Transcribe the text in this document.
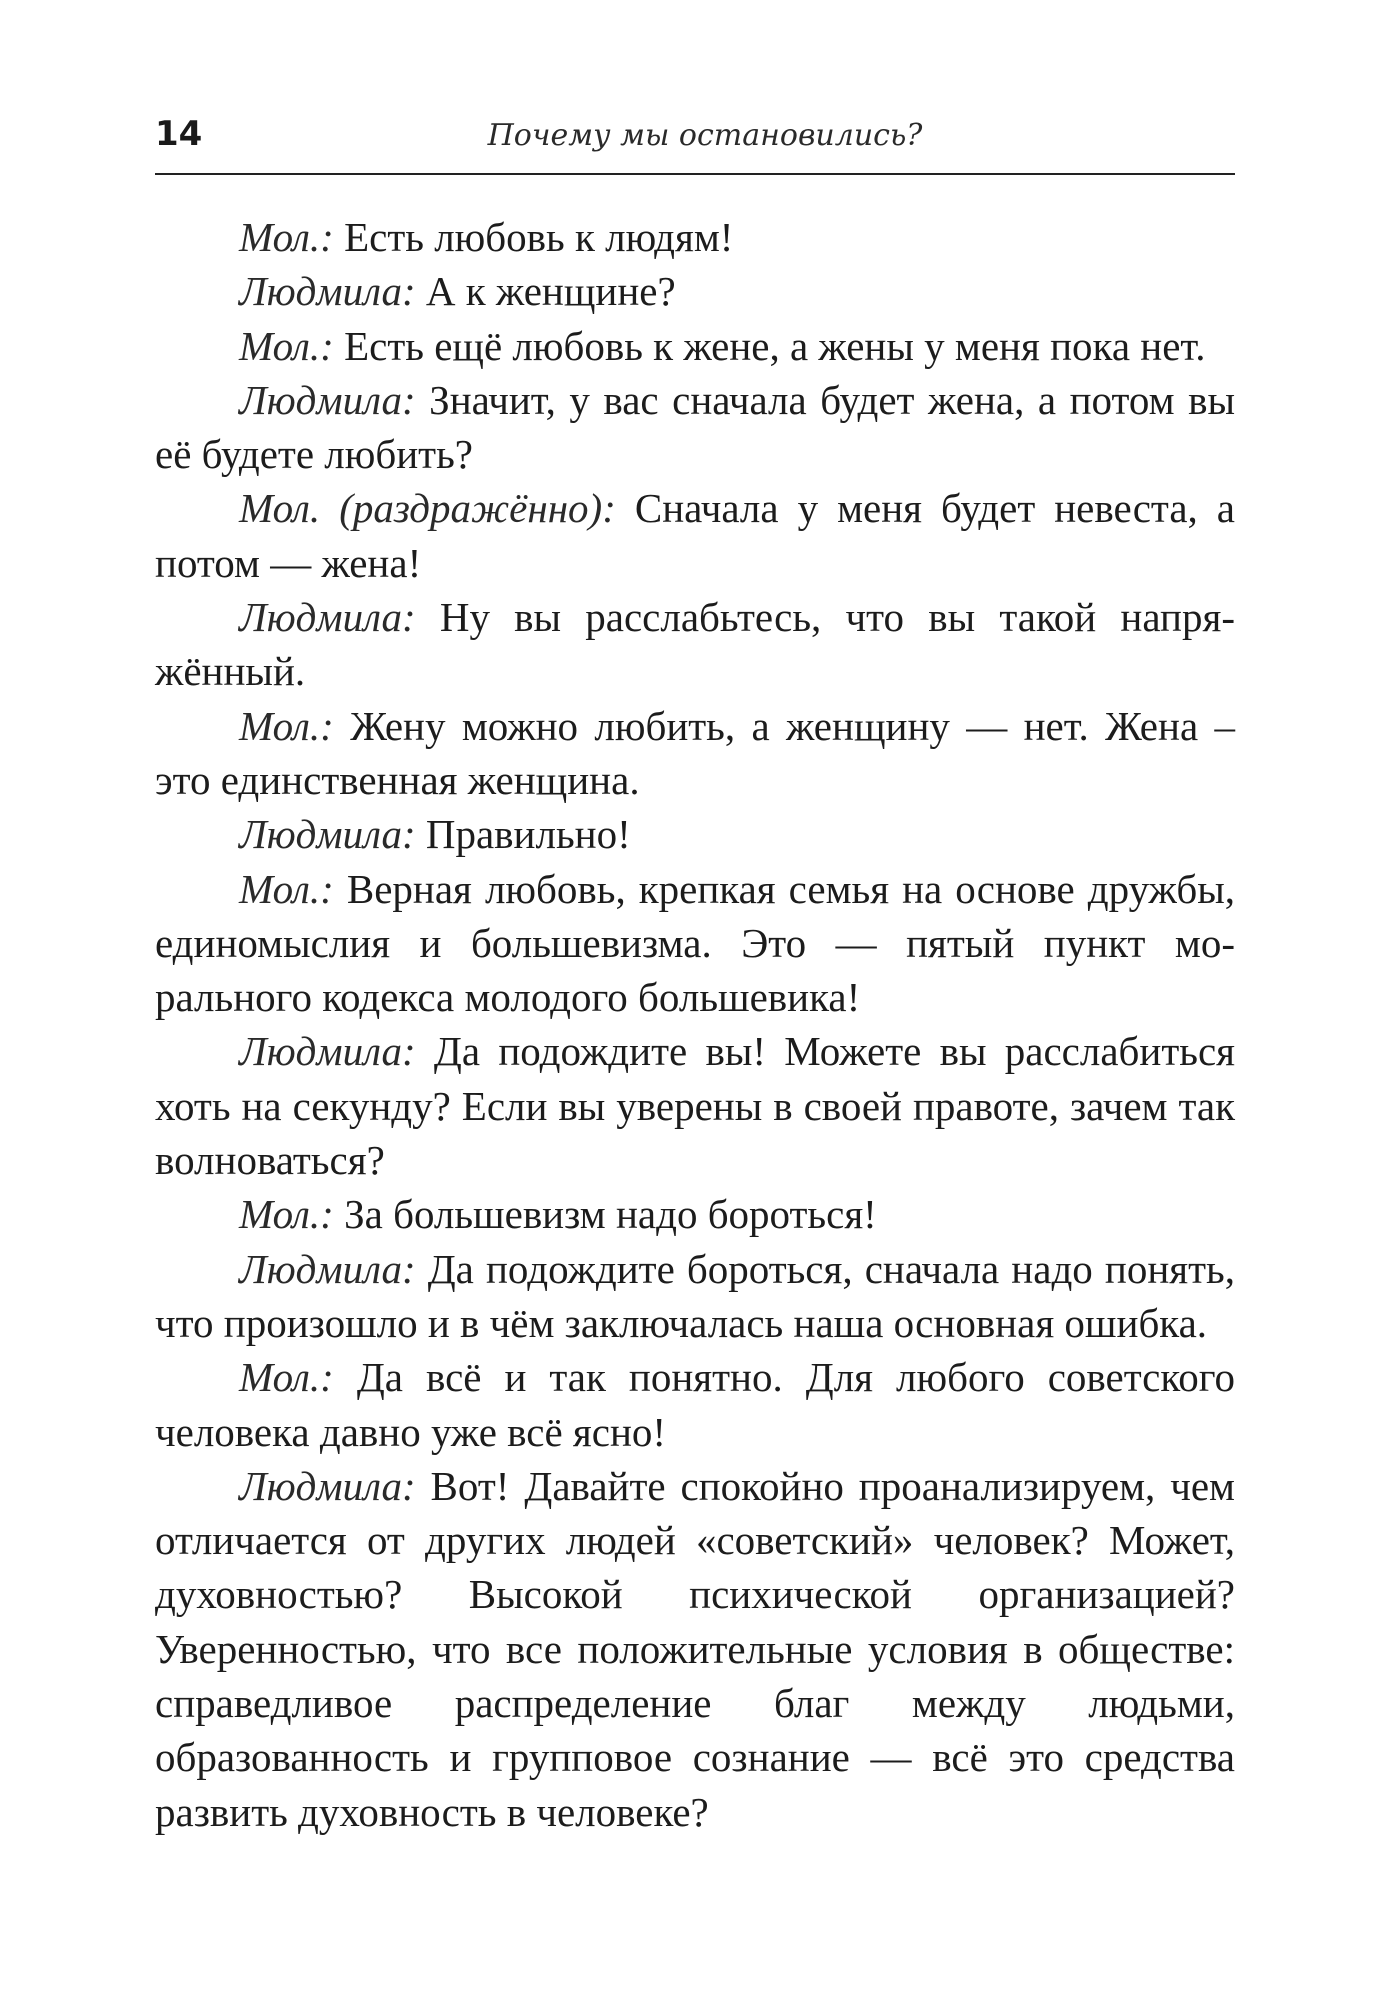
14	Почему мы остановились?

Мол.: Есть любовь к людям!

Людмила: А к женщине?

Мол.: Есть ещё любовь к жене, а жены у меня пока нет.

Людмила: Значит, у вас сначала будет жена, а потом вы её будете любить?

Мол. (раздражённо): Сначала у меня будет невеста, а потом — жена!

Людмила: Ну вы расслабьтесь, что вы такой напряжённый.

Мол.: Жену можно любить, а женщину — нет. Жена – это единственная женщина.

Людмила: Правильно!

Мол.: Верная любовь, крепкая семья на основе дружбы, единомыслия и большевизма. Это — пятый пункт морального кодекса молодого большевика!

Людмила: Да подождите вы! Можете вы расслабиться хоть на секунду? Если вы уверены в своей правоте, зачем так волноваться?

Мол.: За большевизм надо бороться!

Людмила: Да подождите бороться, сначала надо понять, что произошло и в чём заключалась наша основная ошибка.

Мол.: Да всё и так понятно. Для любого советского человека давно уже всё ясно!

Людмила: Вот! Давайте спокойно проанализируем, чем отличается от других людей «советский» человек? Может, духовностью? Высокой психической организацией? Уверенностью, что все положительные условия в обществе: справедливое распределение благ между людьми, образованность и групповое сознание — всё это средства развить духовность в человеке?
